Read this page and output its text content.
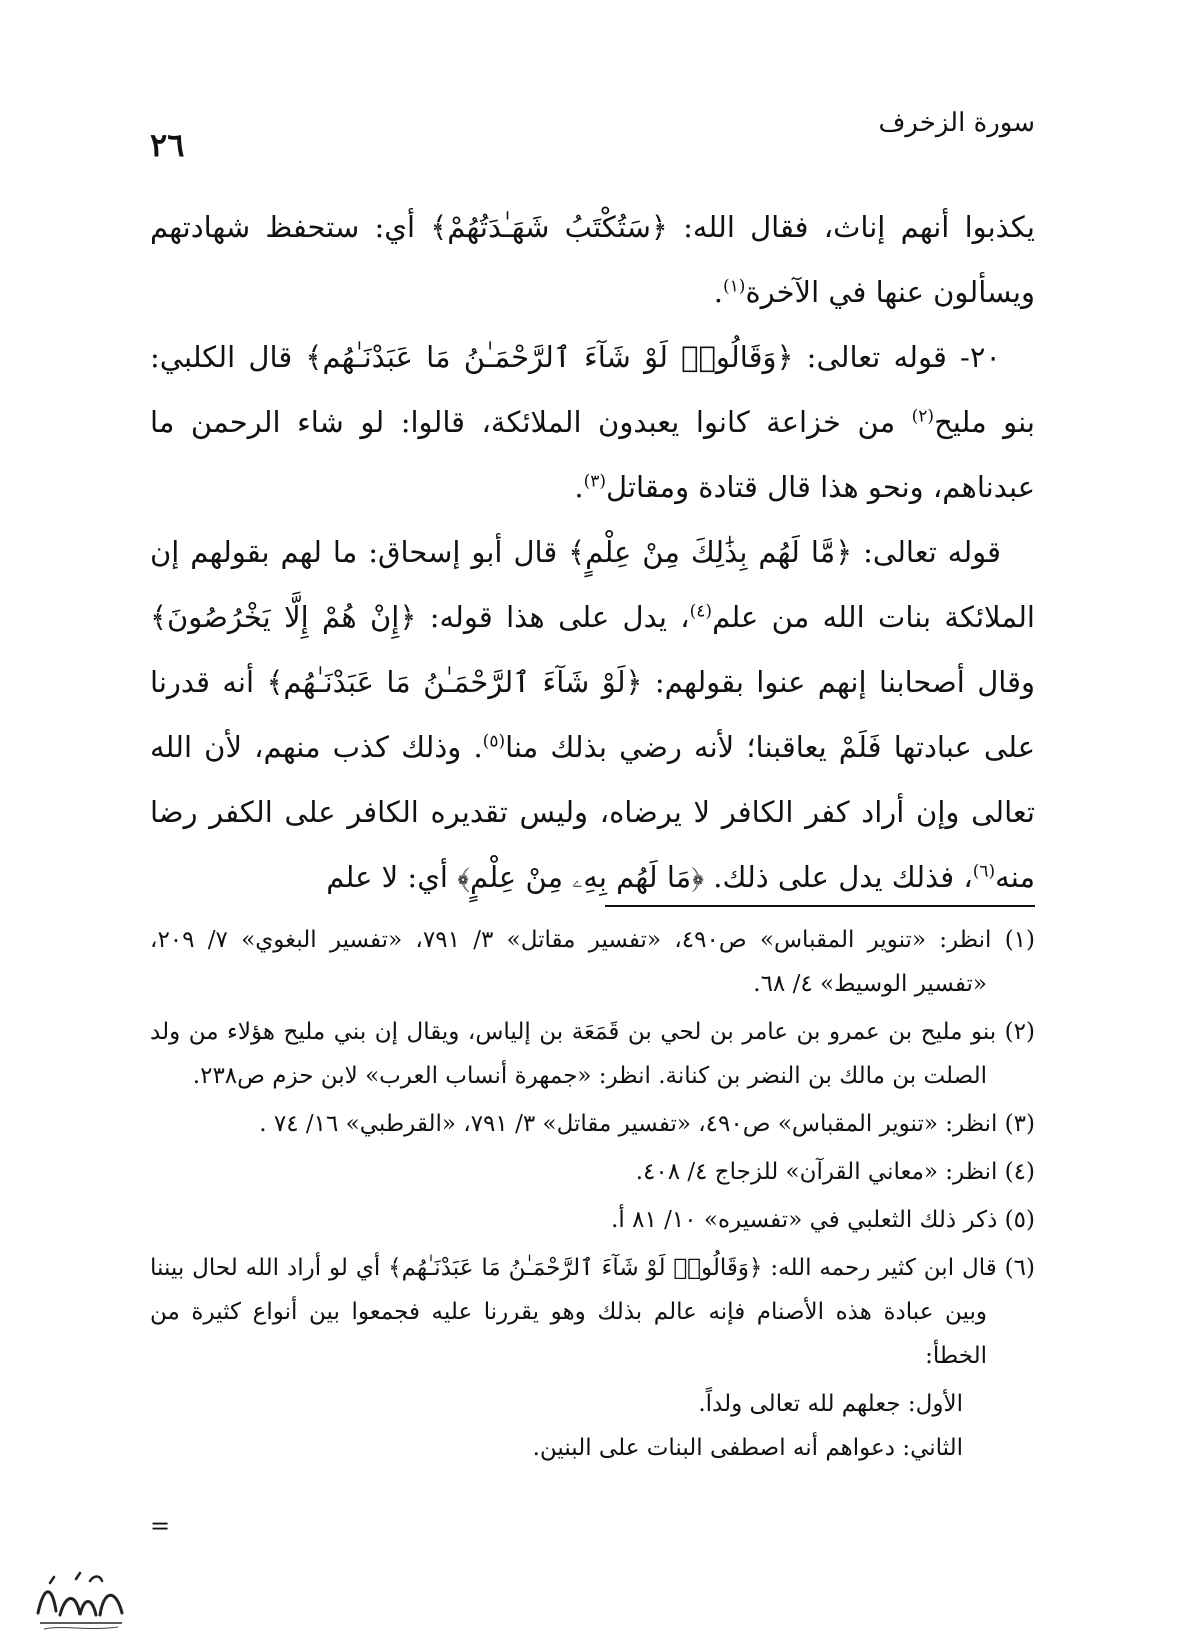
سورة الزخرف
٢٦

يكذبوا أنهم إناث، فقال الله: ﴿سَتُكْتَبُ شَهَـٰدَتُهُمْ﴾ أي: ستحفظ شهادتهم ويسألون عنها في الآخرة$^{(١)}$.

٢٠- قوله تعالى: ﴿وَقَالُوا۟ لَوْ شَآءَ ٱلرَّحْمَـٰنُ مَا عَبَدْنَـٰهُم﴾ قال الكلبي: بنو مليح$^{(٢)}$ من خزاعة كانوا يعبدون الملائكة، قالوا: لو شاء الرحمن ما عبدناهم، ونحو هذا قال قتادة ومقاتل$^{(٣)}$.

قوله تعالى: ﴿مَّا لَهُم بِذَٰلِكَ مِنْ عِلْمٍ﴾ قال أبو إسحاق: ما لهم بقولهم إن الملائكة بنات الله من علم$^{(٤)}$، يدل على هذا قوله: ﴿إِنْ هُمْ إِلَّا يَخْرُصُونَ﴾ وقال أصحابنا إنهم عنوا بقولهم: ﴿لَوْ شَآءَ ٱلرَّحْمَـٰنُ مَا عَبَدْنَـٰهُم﴾ أنه قدرنا على عبادتها فَلَمْ يعاقبنا؛ لأنه رضي بذلك منا$^{(٥)}$. وذلك كذب منهم، لأن الله تعالى وإن أراد كفر الكافر لا يرضاه، وليس تقديره الكافر على الكفر رضا منه$^{(٦)}$، فذلك يدل على ذلك. ﴿مَا لَهُم بِهِۦ مِنْ عِلْمٍ﴾ أي: لا علم

(١) انظر: «تنوير المقباس» ص٤٩٠، «تفسير مقاتل» ٣/ ٧٩١، «تفسير البغوي» ٧/ ٢٠٩، «تفسير الوسيط» ٤/ ٦٨.

(٢) بنو مليح بن عمرو بن عامر بن لحي بن قَمَعَة بن إلياس، ويقال إن بني مليح هؤلاء من ولد الصلت بن مالك بن النضر بن كنانة. انظر: «جمهرة أنساب العرب» لابن حزم ص٢٣٨.

(٣) انظر: «تنوير المقباس» ص٤٩٠، «تفسير مقاتل» ٣/ ٧٩١، «القرطبي» ١٦/ ٧٤ .

(٤) انظر: «معاني القرآن» للزجاج ٤/ ٤٠٨.

(٥) ذكر ذلك الثعلبي في «تفسيره» ١٠/ ٨١ أ.

(٦) قال ابن كثير رحمه الله: ﴿وَقَالُوا۟ لَوْ شَآءَ ٱلرَّحْمَـٰنُ مَا عَبَدْنَـٰهُم﴾ أي لو أراد الله لحال بيننا وبين عبادة هذه الأصنام فإنه عالم بذلك وهو يقررنا عليه فجمعوا بين أنواع كثيرة من الخطأ:

الأول: جعلهم لله تعالى ولداً.

الثاني: دعواهم أنه اصطفى البنات على البنين.

=
